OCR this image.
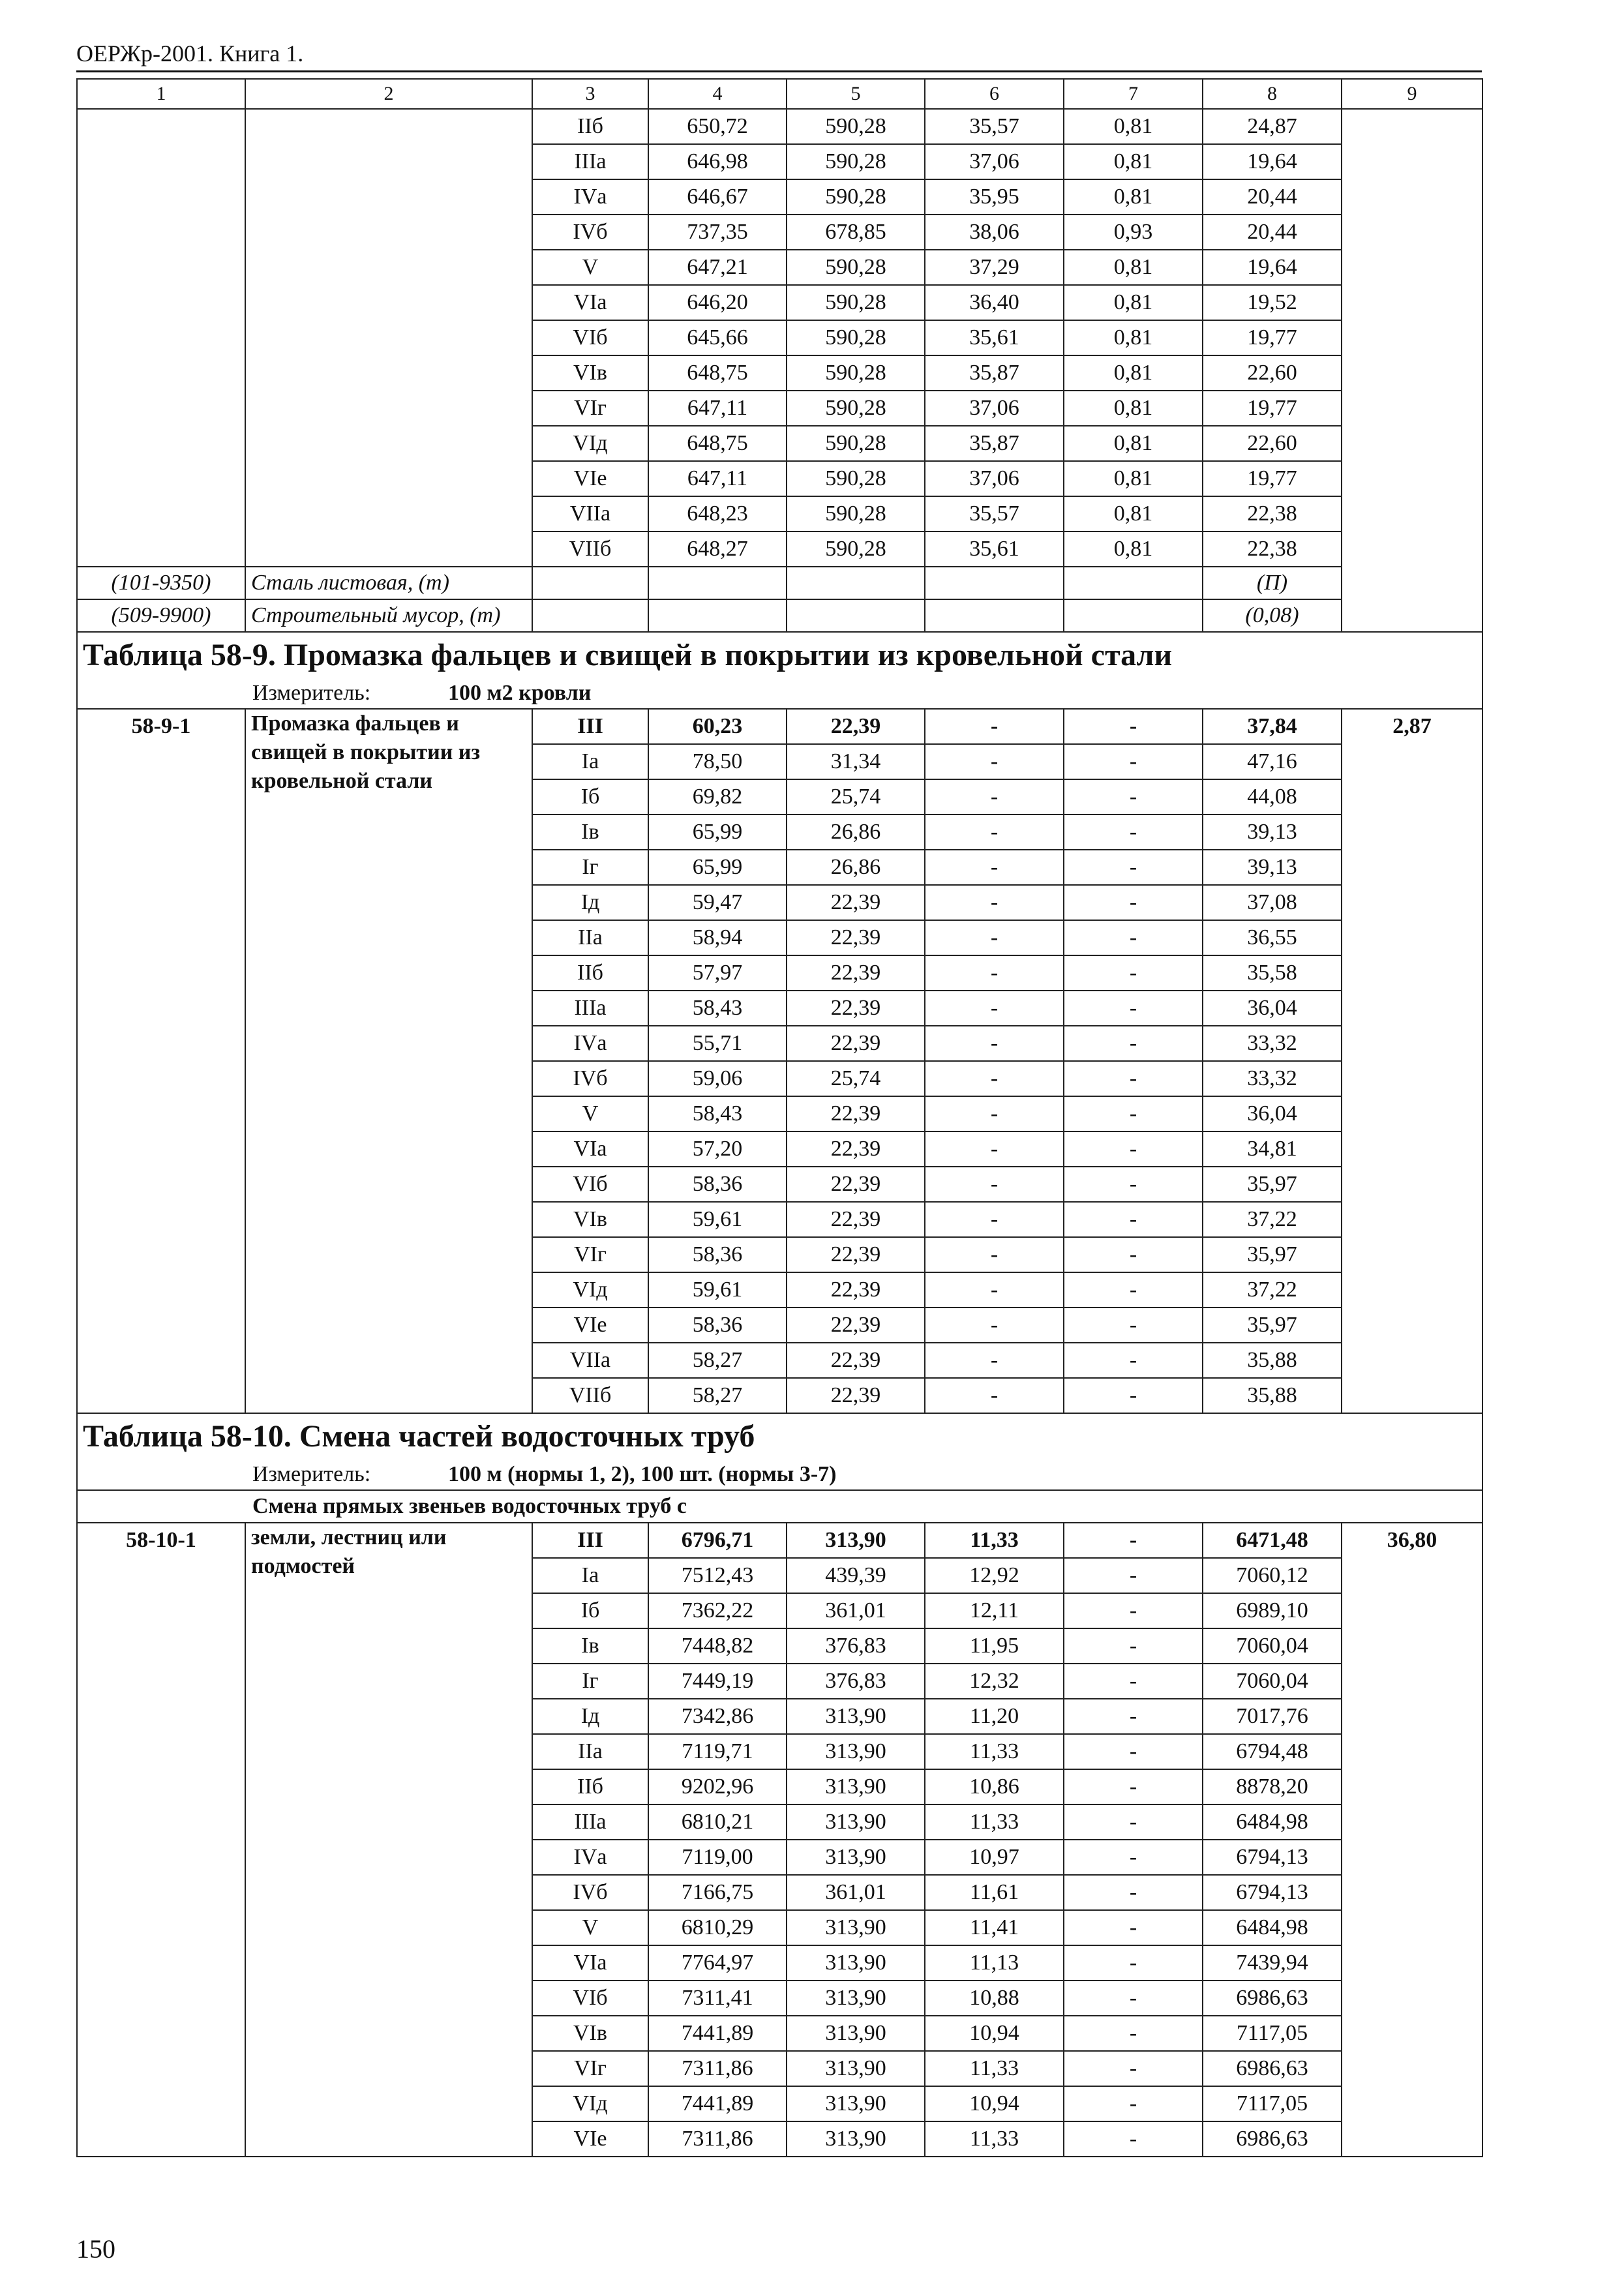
ОЕРЖр-2001. Книга 1.
1	2	3	4	5	6	7	8	9
		IIб	650,72	590,28	35,57	0,81	24,87	
		IIIа	646,98	590,28	37,06	0,81	19,64	
		IVа	646,67	590,28	35,95	0,81	20,44	
		IVб	737,35	678,85	38,06	0,93	20,44	
		V	647,21	590,28	37,29	0,81	19,64	
		VIа	646,20	590,28	36,40	0,81	19,52	
		VIб	645,66	590,28	35,61	0,81	19,77	
		VIв	648,75	590,28	35,87	0,81	22,60	
		VIг	647,11	590,28	37,06	0,81	19,77	
		VIд	648,75	590,28	35,87	0,81	22,60	
		VIе	647,11	590,28	37,06	0,81	19,77	
		VIIа	648,23	590,28	35,57	0,81	22,38	
		VIIб	648,27	590,28	35,61	0,81	22,38	
(101-9350)	Сталь листовая, (т)						(П)	
(509-9900)	Строительный мусор, (т)						(0,08)	
Таблица 58-9. Промазка фальцев и свищей в покрытии из кровельной стали								
Измеритель: 100 м2 кровли								
58-9-1	Промазка фальцев и свищей в покрытии из кровельной стали	III	60,23	22,39	-	-	37,84	2,87
		Iа	78,50	31,34	-	-	47,16	
		Iб	69,82	25,74	-	-	44,08	
		Iв	65,99	26,86	-	-	39,13	
		Iг	65,99	26,86	-	-	39,13	
		Iд	59,47	22,39	-	-	37,08	
		IIа	58,94	22,39	-	-	36,55	
		IIб	57,97	22,39	-	-	35,58	
		IIIа	58,43	22,39	-	-	36,04	
		IVа	55,71	22,39	-	-	33,32	
		IVб	59,06	25,74	-	-	33,32	
		V	58,43	22,39	-	-	36,04	
		VIа	57,20	22,39	-	-	34,81	
		VIб	58,36	22,39	-	-	35,97	
		VIв	59,61	22,39	-	-	37,22	
		VIг	58,36	22,39	-	-	35,97	
		VIд	59,61	22,39	-	-	37,22	
		VIе	58,36	22,39	-	-	35,97	
		VIIа	58,27	22,39	-	-	35,88	
		VIIб	58,27	22,39	-	-	35,88	
Таблица 58-10. Смена частей водосточных труб								
Измеритель: 100 м (нормы 1, 2), 100 шт. (нормы 3-7)								
Смена прямых звеньев водосточных труб с								
58-10-1	земли, лестниц или подмостей	III	6796,71	313,90	11,33	-	6471,48	36,80
		Iа	7512,43	439,39	12,92	-	7060,12	
		Iб	7362,22	361,01	12,11	-	6989,10	
		Iв	7448,82	376,83	11,95	-	7060,04	
		Iг	7449,19	376,83	12,32	-	7060,04	
		Iд	7342,86	313,90	11,20	-	7017,76	
		IIа	7119,71	313,90	11,33	-	6794,48	
		IIб	9202,96	313,90	10,86	-	8878,20	
		IIIа	6810,21	313,90	11,33	-	6484,98	
		IVа	7119,00	313,90	10,97	-	6794,13	
		IVб	7166,75	361,01	11,61	-	6794,13	
		V	6810,29	313,90	11,41	-	6484,98	
		VIа	7764,97	313,90	11,13	-	7439,94	
		VIб	7311,41	313,90	10,88	-	6986,63	
		VIв	7441,89	313,90	10,94	-	7117,05	
		VIг	7311,86	313,90	11,33	-	6986,63	
		VIд	7441,89	313,90	10,94	-	7117,05	
		VIе	7311,86	313,90	11,33	-	6986,63	
150
